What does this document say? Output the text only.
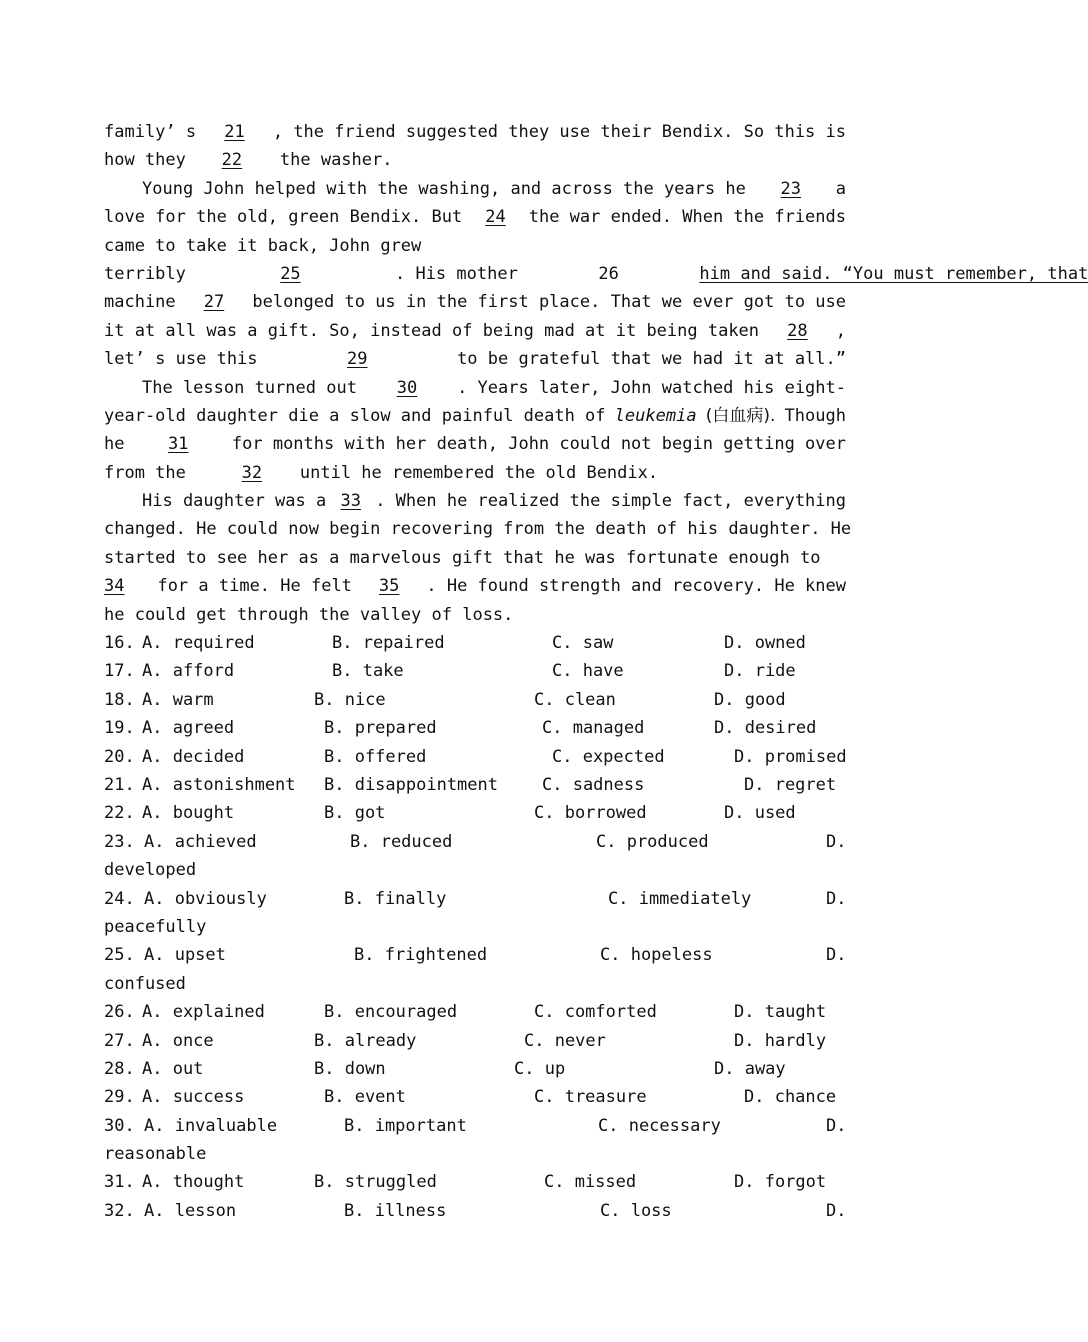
family’ s	21	, the friend suggested they use their Bendix. So this is
how they	22	the washer.
Young John helped with the washing, and across the years he	23	a
love for the old, green Bendix. But	24	the war ended. When the friends
came to take it back, John grew
terribly	25	. His mother	26	him and said. “You must remember, that
machine	27	belonged to us in the first place. That we ever got to use
it at all was a gift. So, instead of being mad at it being taken	28	,
let’ s use this	29	to be grateful that we had it at all.”
The lesson turned out	30	. Years later, John watched his eight-
year-old daughter die a slow and painful death of leukemia (白血病). Though
he	31	for months with her death, John could not begin getting over
from the	32	until he remembered the old Bendix.
His daughter was a 33 . When he realized the simple fact, everything
changed. He could now begin recovering from the death of his daughter. He
started to see her as a marvelous gift that he was fortunate enough to
34	for a time. He felt	35	. He found strength and recovery. He knew
he could get through the valley of loss.
16. A. required	B. repaired	C. saw	D. owned
17. A. afford	B. take	C. have	D. ride
18. A. warm	B. nice	C. clean	D. good
19. A. agreed	B. prepared	C. managed	D. desired
20. A. decided	B. offered	C. expected	D. promised
21. A. astonishment B. disappointment	C. sadness	D. regret
22. A. bought	B. got	C. borrowed	D. used
23. A. achieved	B. reduced	C. produced	D.
developed
24. A. obviously	B. finally	C. immediately	D.
peacefully
25. A. upset	B. frightened	C. hopeless	D.
confused
26. A. explained	B. encouraged	C. comforted	D. taught
27. A. once	B. already	C. never	D. hardly
28. A. out	B. down	C. up	D. away
29. A. success	B. event	C. treasure	D. chance
30. A. invaluable	B. important	C. necessary	D.
reasonable
31. A. thought	B. struggled	C. missed	D. forgot
32. A. lesson	B. illness	C. loss	D.
